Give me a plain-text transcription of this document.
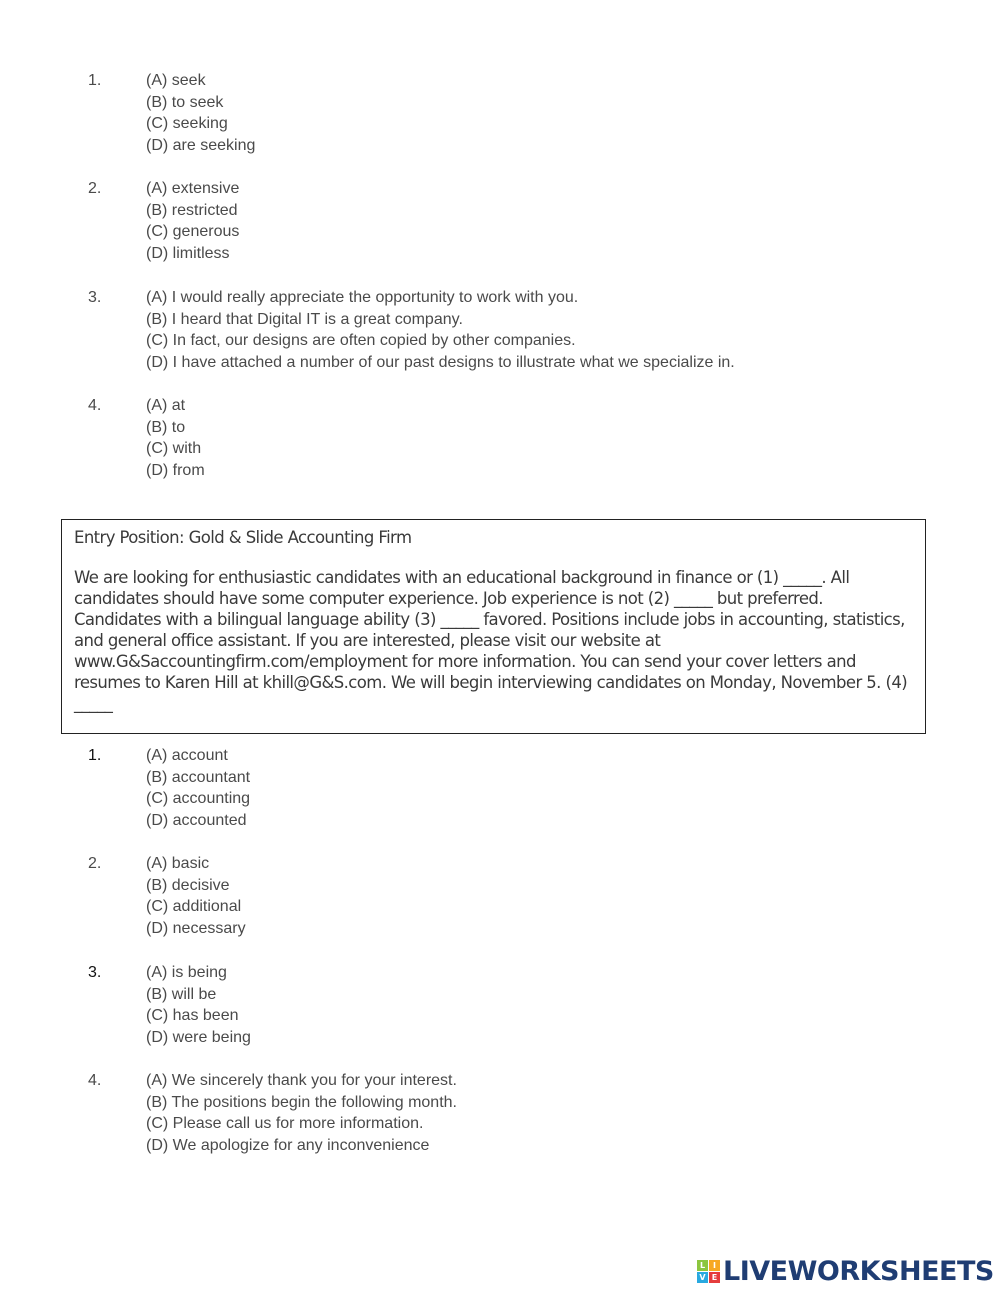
1.	(A) seek
(B) to seek
(C) seeking
(D) are seeking
2.	(A) extensive
(B) restricted
(C) generous
(D) limitless
3.	(A) I would really appreciate the opportunity to work with you.
(B) I heard that Digital IT is a great company.
(C) In fact, our designs are often copied by other companies.
(D) I have attached a number of our past designs to illustrate what we specialize in.
4.	(A) at
(B) to
(C) with
(D) from
Entry Position: Gold & Slide Accounting Firm
We are looking for enthusiastic candidates with an educational background in finance or (1) _____. All candidates should have some computer experience. Job experience is not (2) _____ but preferred. Candidates with a bilingual language ability (3) _____ favored. Positions include jobs in accounting, statistics, and general office assistant. If you are interested, please visit our website at www.G&Saccountingfirm.com/employment for more information. You can send your cover letters and resumes to Karen Hill at khill@G&S.com. We will begin interviewing candidates on Monday, November 5. (4) _____
1.	(A) account
(B) accountant
(C) accounting
(D) accounted
2.	(A) basic
(B) decisive
(C) additional
(D) necessary
3.	(A) is being
(B) will be
(C) has been
(D) were being
4.	(A) We sincerely thank you for your interest.
(B) The positions begin the following month.
(C) Please call us for more information.
(D) We apologize for any inconvenience
L I
V E LIVEWORKSHEETS
